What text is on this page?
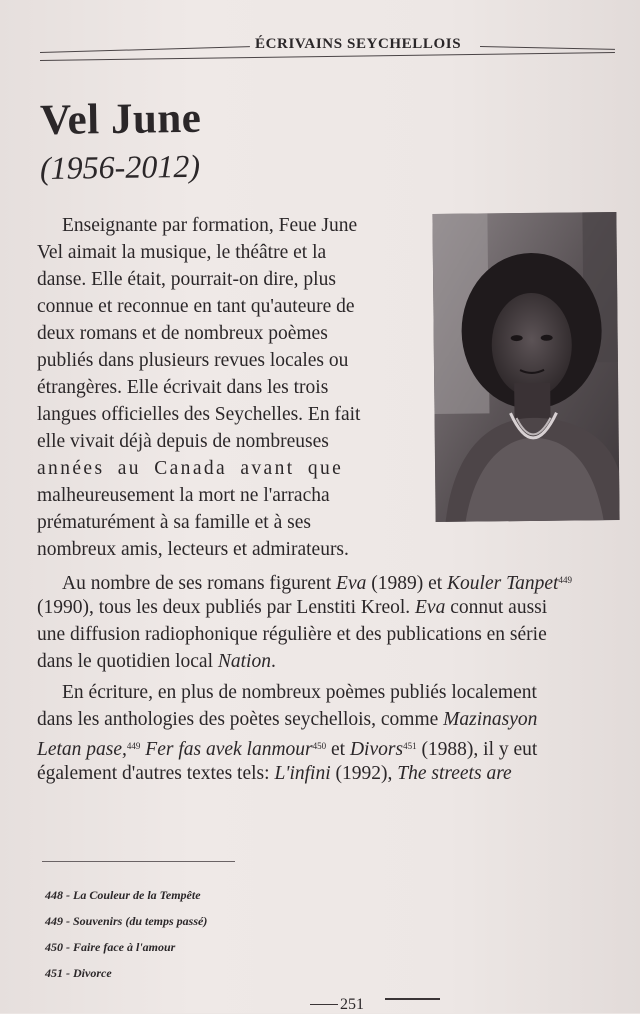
ÉCRIVAINS SEYCHELLOIS
Vel June
(1956-2012)
Enseignante par formation, Feue June
Vel aimait la musique, le théâtre et la
danse. Elle était, pourrait-on dire, plus
connue et reconnue en tant qu'auteure de
deux romans et de nombreux poèmes
publiés dans plusieurs revues locales ou
étrangères. Elle écrivait dans les trois
langues officielles des Seychelles. En fait
elle vivait déjà depuis de nombreuses
années au Canada avant que
malheureusement la mort ne l'arracha
prématurément à sa famille et à ses
nombreux amis, lecteurs et admirateurs.
Au nombre de ses romans figurent Eva (1989) et Kouler Tanpet$^{449}$
(1990), tous les deux publiés par Lenstiti Kreol. Eva connut aussi
une diffusion radiophonique régulière et des publications en série
dans le quotidien local Nation.
En écriture, en plus de nombreux poèmes publiés localement
dans les anthologies des poètes seychellois, comme Mazinasyon
Letan pase,$^{449}$ Fer fas avek lanmour$^{450}$ et Divors$^{451}$ (1988), il y eut
également d'autres textes tels: L'infini (1992), The streets are
448 - La Couleur de la Tempête
449 - Souvenirs (du temps passé)
450 - Faire face à l'amour
451 - Divorce
251
